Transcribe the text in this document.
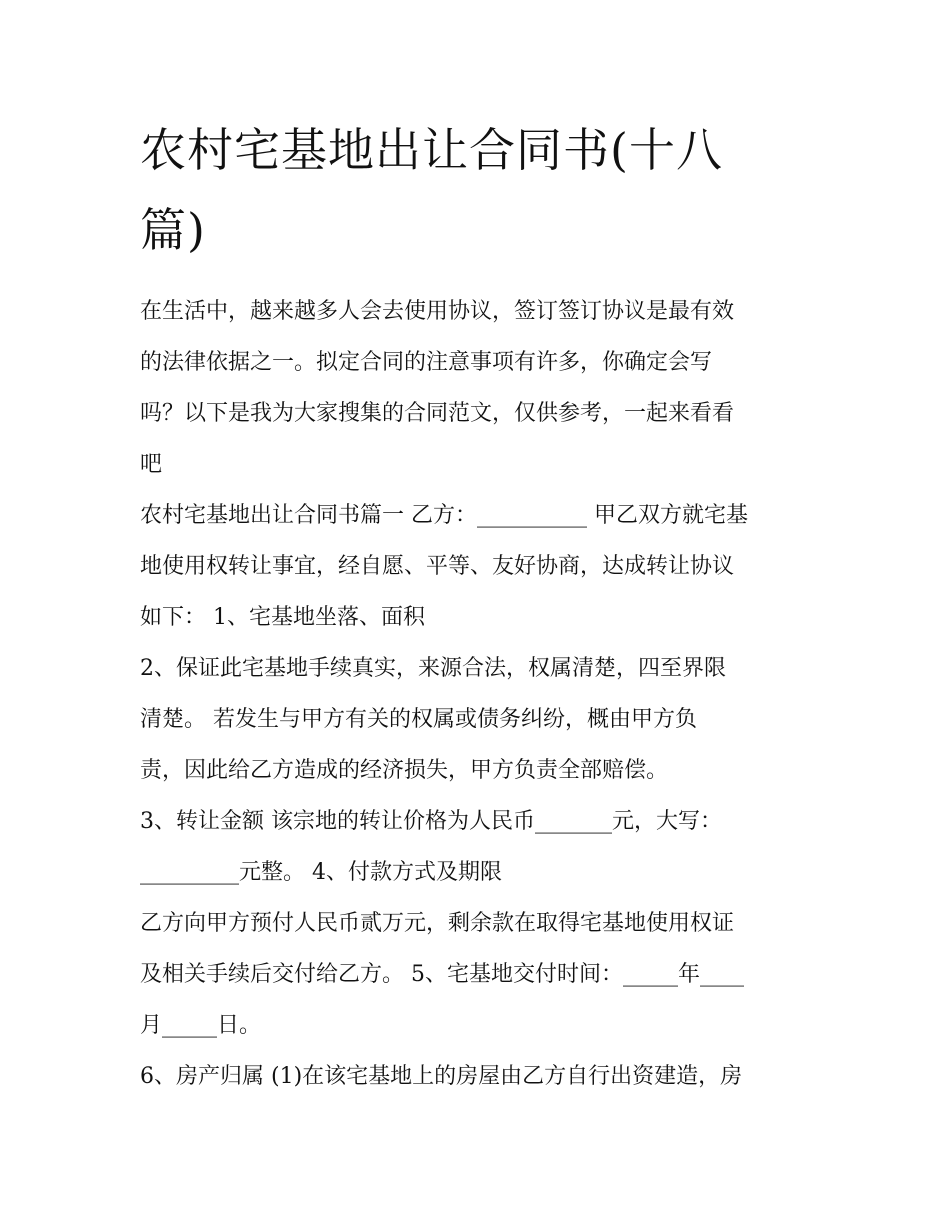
农村宅基地出让合同书(十八
篇)

在生活中，越来越多人会去使用协议，签订签订协议是最有效
的法律依据之一。拟定合同的注意事项有许多，你确定会写
吗？以下是我为大家搜集的合同范文，仅供参考，一起来看看
吧

农村宅基地出让合同书篇一 乙方：__________ 甲乙双方就宅基
地使用权转让事宜，经自愿、平等、友好协商，达成转让协议
如下： 1、宅基地坐落、面积

2、保证此宅基地手续真实，来源合法，权属清楚，四至界限
清楚。 若发生与甲方有关的权属或债务纠纷，概由甲方负
责，因此给乙方造成的经济损失，甲方负责全部赔偿。

3、转让金额 该宗地的转让价格为人民币_______元，大写：
_________元整。 4、付款方式及期限

乙方向甲方预付人民币贰万元，剩余款在取得宅基地使用权证
及相关手续后交付给乙方。 5、宅基地交付时间：_____年____
月_____日。

6、房产归属 (1)在该宅基地上的房屋由乙方自行出资建造，房
